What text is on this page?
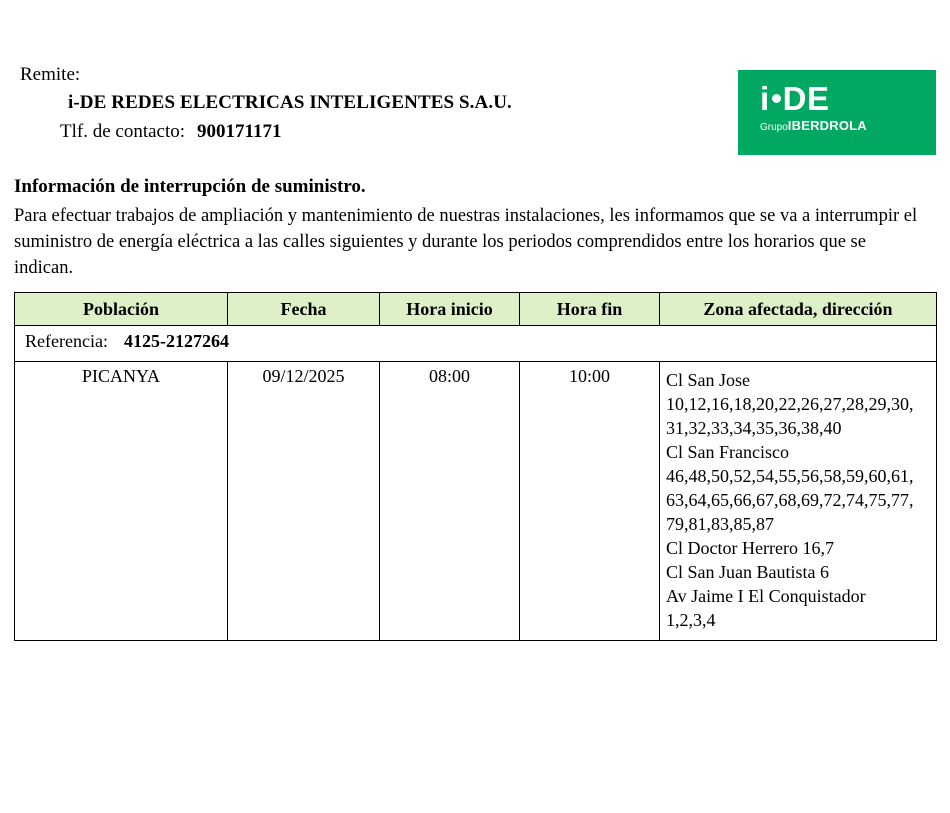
Remite:
i-DE REDES ELECTRICAS INTELIGENTES S.A.U.
Tlf. de contacto: 900171171
i DE
GrupoIBERDROLA
Información de interrupción de suministro.
Para efectuar trabajos de ampliación y mantenimiento de nuestras instalaciones, les informamos que se va a interrumpir el suministro de energía eléctrica a las calles siguientes y durante los periodos comprendidos entre los horarios que se indican.
Población	Fecha	Hora inicio	Hora fin	Zona afectada, dirección
Referencia: 4125-2127264				
PICANYA	09/12/2025	08:00	10:00	Cl San Jose
10,12,16,18,20,22,26,27,28,29,30,
31,32,33,34,35,36,38,40
Cl San Francisco
46,48,50,52,54,55,56,58,59,60,61,
63,64,65,66,67,68,69,72,74,75,77,
79,81,83,85,87
Cl Doctor Herrero 16,7
Cl San Juan Bautista 6
Av Jaime I El Conquistador
1,2,3,4
